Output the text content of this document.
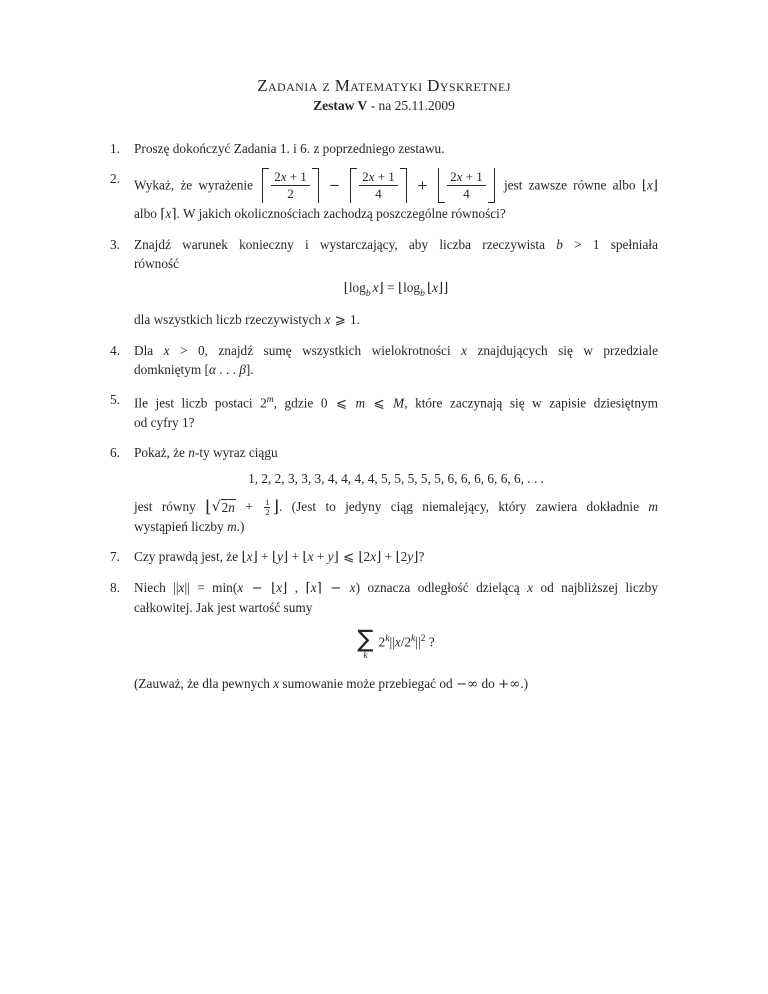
Zadania z Matematyki Dyskretnej
Zestaw V - na 25.11.2009
1.	Proszę dokończyć Zadania 1. i 6. z poprzedniego zestawu.
2.	Wykaż, że wyrażenie $\frac{2x + 1}{2} - \frac{2x + 1}{4} + \frac{2x + 1}{4}$ jest zawsze równe albo ⌊x⌋
albo ⌈x⌉. W jakich okolicznościach zachodzą poszczególne równości?
3.	Znajdź warunek konieczny i wystarczający, aby liczba rzeczywista b > 1 spełniała
równość
$⌊\log_b$ x⌋ = $⌊\log_b$ ⌊x⌋⌋
dla wszystkich liczb rzeczywistych x ⩾ 1.
4.	Dla x > 0, znajdź sumę wszystkich wielokrotności x znajdujących się w przedziale
domkniętym [α . . . β].
5.	Ile jest liczb postaci 2$^m$, gdzie 0 ⩽ m ⩽ M, które zaczynają się w zapisie dziesiętnym
od cyfry 1?
6.	Pokaż, że n-ty wyraz ciągu
1, 2, 2, 3, 3, 3, 4, 4, 4, 4, 5, 5, 5, 5, 5, 6, 6, 6, 6, 6, 6, . . .
jest równy ⌊ √ $2n + \frac{1}{2}$ ⌋. (Jest to jedyny ciąg niemalejący, który zawiera dokładnie m
wystąpień liczby m.)
7.	Czy prawdą jest, że ⌊x⌋ + ⌊y⌋ + ⌊x + y⌋ ⩽ ⌊2x⌋ + ⌊2y⌋?
8.	Niech ||x|| = min(x − ⌊x⌋ , ⌈x⌉ − x) oznacza odległość dzielącą x od najbliższej liczby
całkowitej. Jak jest wartość sumy
∑
k
$2^k||x/2^k||^2$ ?
(Zauważ, że dla pewnych x sumowanie może przebiegać od −∞ do +∞.)
